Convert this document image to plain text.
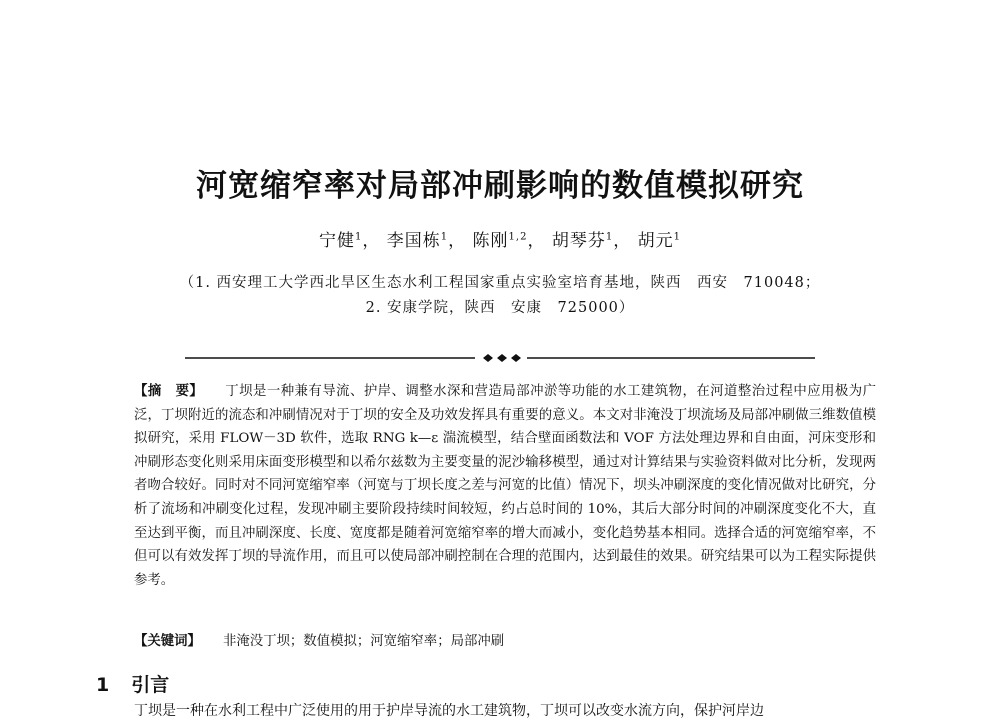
河宽缩窄率对局部冲刷影响的数值模拟研究
宁健$^1$， 李国栋$^1$， 陈刚$^{1,2}$， 胡琴芬$^1$， 胡元$^1$
（1. 西安理工大学西北旱区生态水利工程国家重点实验室培育基地，陕西　西安　710048；
2. 安康学院，陕西　安康　725000）
【摘　要】 丁坝是一种兼有导流、护岸、调整水深和营造局部冲淤等功能的水工建筑物，在河道整治过程中应用极为广泛，丁坝附近的流态和冲刷情况对于丁坝的安全及功效发挥具有重要的意义。本文对非淹没丁坝流场及局部冲刷做三维数值模拟研究，采用 FLOW－3D 软件，选取 RNG k—ε 湍流模型，结合壁面函数法和 VOF 方法处理边界和自由面，河床变形和冲刷形态变化则采用床面变形模型和以希尔兹数为主要变量的泥沙输移模型，通过对计算结果与实验资料做对比分析，发现两者吻合较好。同时对不同河宽缩窄率（河宽与丁坝长度之差与河宽的比值）情况下，坝头冲刷深度的变化情况做对比研究，分析了流场和冲刷变化过程，发现冲刷主要阶段持续时间较短，约占总时间的 10%，其后大部分时间的冲刷深度变化不大，直至达到平衡，而且冲刷深度、长度、宽度都是随着河宽缩窄率的增大而减小，变化趋势基本相同。选择合适的河宽缩窄率，不但可以有效发挥丁坝的导流作用，而且可以使局部冲刷控制在合理的范围内，达到最佳的效果。研究结果可以为工程实际提供参考。
【关键词】 非淹没丁坝；数值模拟；河宽缩窄率；局部冲刷
1 引言
丁坝是一种在水利工程中广泛使用的用于护岸导流的水工建筑物，丁坝可以改变水流方向，保护河岸边
